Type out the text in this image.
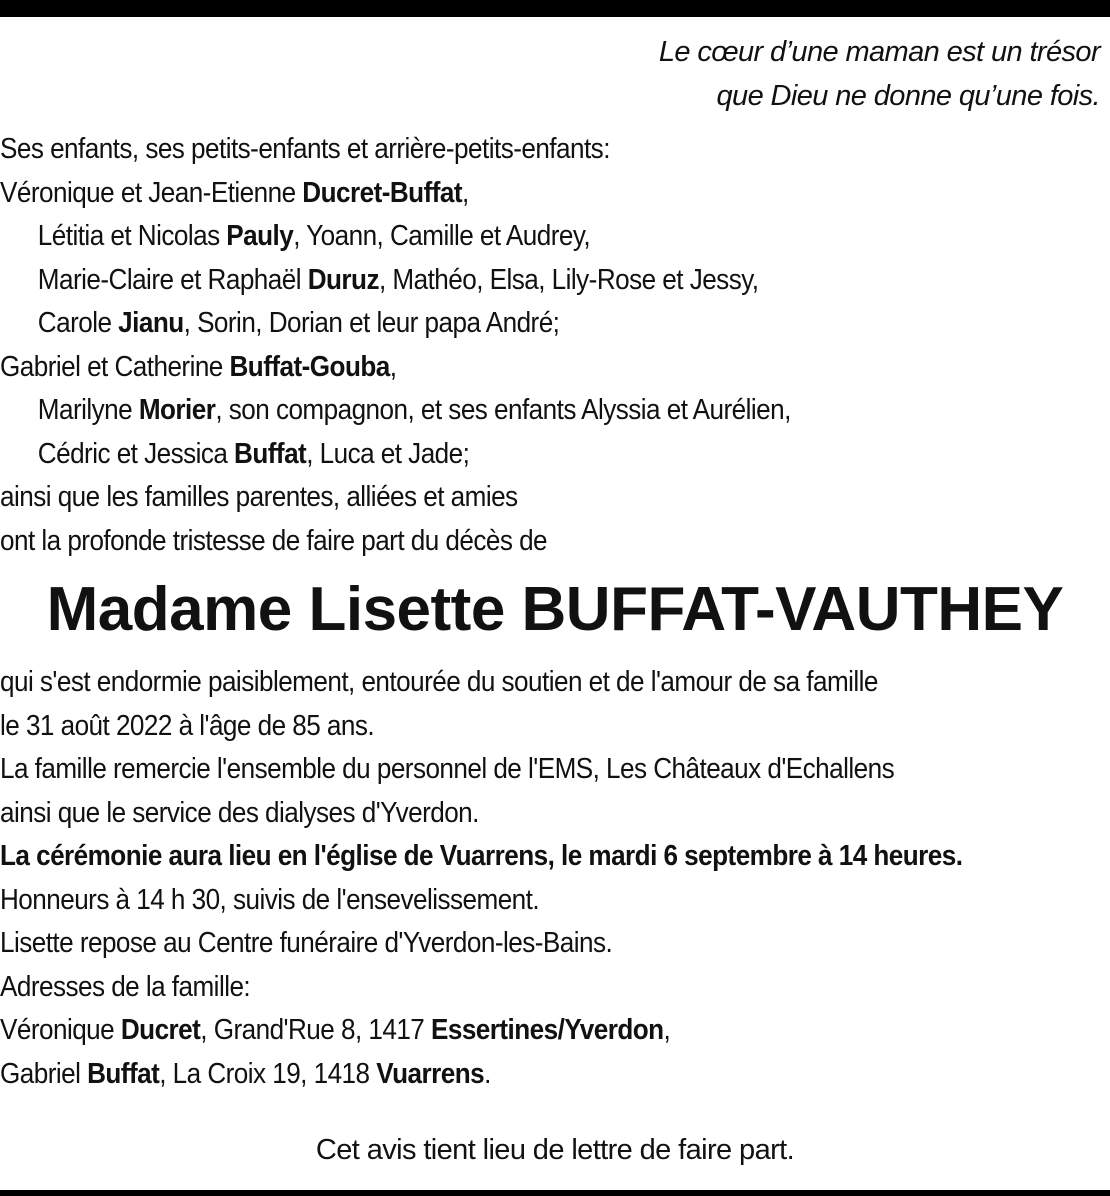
Le cœur d’une maman est un trésor
que Dieu ne donne qu’une fois.
Ses enfants, ses petits-enfants et arrière-petits-enfants:
Véronique et Jean-Etienne Ducret-Buffat,
Létitia et Nicolas Pauly, Yoann, Camille et Audrey,
Marie-Claire et Raphaël Duruz, Mathéo, Elsa, Lily-Rose et Jessy,
Carole Jianu, Sorin, Dorian et leur papa André;
Gabriel et Catherine Buffat-Gouba,
Marilyne Morier, son compagnon, et ses enfants Alyssia et Aurélien,
Cédric et Jessica Buffat, Luca et Jade;
ainsi que les familles parentes, alliées et amies
ont la profonde tristesse de faire part du décès de
Madame Lisette BUFFAT-VAUTHEY
qui s'est endormie paisiblement, entourée du soutien et de l'amour de sa famille
le 31 août 2022 à l'âge de 85 ans.
La famille remercie l'ensemble du personnel de l'EMS, Les Châteaux d'Echallens
ainsi que le service des dialyses d'Yverdon.
La cérémonie aura lieu en l'église de Vuarrens, le mardi 6 septembre à 14 heures.
Honneurs à 14 h 30, suivis de l'ensevelissement.
Lisette repose au Centre funéraire d'Yverdon-les-Bains.
Adresses de la famille:
Véronique Ducret, Grand'Rue 8, 1417 Essertines/Yverdon,
Gabriel Buffat, La Croix 19, 1418 Vuarrens.
Cet avis tient lieu de lettre de faire part.
